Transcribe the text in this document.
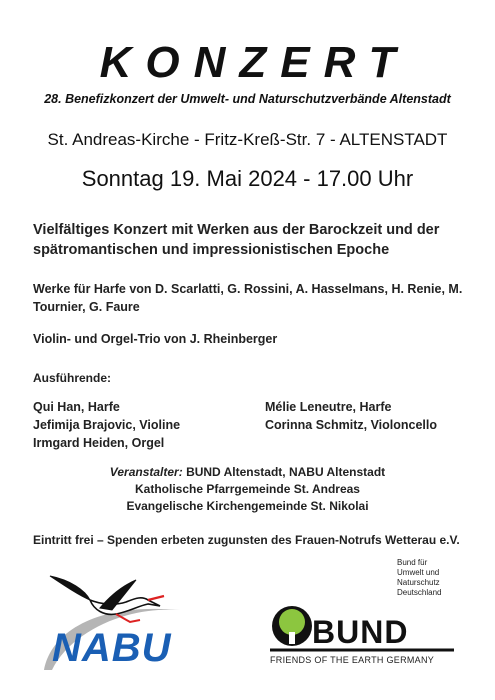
KONZERT
28. Benefizkonzert der Umwelt- und Naturschutzverbände Altenstadt
St. Andreas-Kirche - Fritz-Kreß-Str. 7 - ALTENSTADT
Sonntag 19. Mai 2024 - 17.00 Uhr
Vielfältiges Konzert mit Werken aus der Barockzeit und der spätromantischen und impressionistischen Epoche
Werke für Harfe von D. Scarlatti, G. Rossini, A. Hasselmans, H. Renie, M. Tournier, G. Faure
Violin- und Orgel-Trio von J. Rheinberger
Ausführende:
Qui Han, Harfe
Jefimija Brajovic, Violine
Irmgard Heiden, Orgel
Mélie Leneutre, Harfe
Corinna Schmitz, Violoncello
Veranstalter: BUND Altenstadt, NABU Altenstadt
Katholische Pfarrgemeinde St. Andreas
Evangelische Kirchengemeinde St. Nikolai
Eintritt frei – Spenden erbeten zugunsten des Frauen-Notrufs Wetterau e.V.
NABU	BUND
Bund für
Umwelt und
Naturschutz
Deutschland
FRIENDS OF THE EARTH GERMANY
